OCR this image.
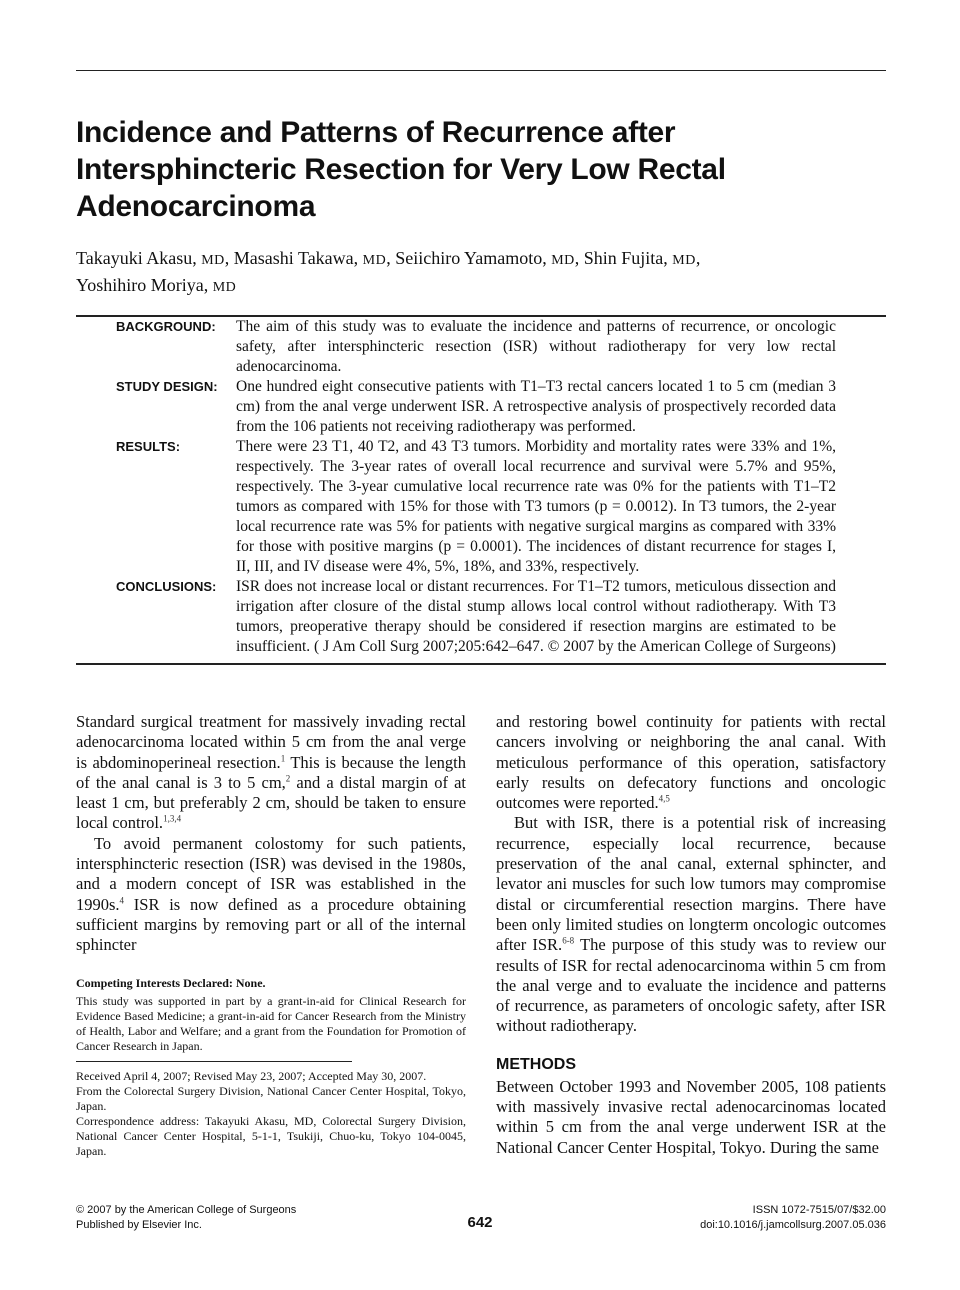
Incidence and Patterns of Recurrence after Intersphincteric Resection for Very Low Rectal Adenocarcinoma

Takayuki Akasu, MD, Masashi Takawa, MD, Seiichiro Yamamoto, MD, Shin Fujita, MD,
Yoshihiro Moriya, MD

BACKGROUND:	The aim of this study was to evaluate the incidence and patterns of recurrence, or oncologic safety, after intersphincteric resection (ISR) without radiotherapy for very low rectal adenocarcinoma.
STUDY DESIGN:	One hundred eight consecutive patients with T1–T3 rectal cancers located 1 to 5 cm (median 3 cm) from the anal verge underwent ISR. A retrospective analysis of prospectively recorded data from the 106 patients not receiving radiotherapy was performed.
RESULTS:	There were 23 T1, 40 T2, and 43 T3 tumors. Morbidity and mortality rates were 33% and 1%, respectively. The 3-year rates of overall local recurrence and survival were 5.7% and 95%, respectively. The 3-year cumulative local recurrence rate was 0% for the patients with T1–T2 tumors as compared with 15% for those with T3 tumors (p = 0.0012). In T3 tumors, the 2-year local recurrence rate was 5% for patients with negative surgical margins as compared with 33% for those with positive margins (p = 0.0001). The incidences of distant recurrence for stages I, II, III, and IV disease were 4%, 5%, 18%, and 33%, respectively.
CONCLUSIONS:	ISR does not increase local or distant recurrences. For T1–T2 tumors, meticulous dissection and irrigation after closure of the distal stump allows local control without radiotherapy. With T3 tumors, preoperative therapy should be considered if resection margins are estimated to be insufficient. ( J Am Coll Surg 2007;205:642–647. © 2007 by the American College of Surgeons)

Standard surgical treatment for massively invading rectal adenocarcinoma located within 5 cm from the anal verge is abdominoperineal resection.$^1$ This is because the length of the anal canal is 3 to 5 cm,$^2$ and a distal margin of at least 1 cm, but preferably 2 cm, should be taken to ensure local control.$^{1,3,4}$

To avoid permanent colostomy for such patients, intersphincteric resection (ISR) was devised in the 1980s, and a modern concept of ISR was established in the 1990s.$^4$ ISR is now defined as a procedure obtaining sufficient margins by removing part or all of the internal sphincter

Competing Interests Declared: None.

This study was supported in part by a grant-in-aid for Clinical Research for Evidence Based Medicine; a grant-in-aid for Cancer Research from the Ministry of Health, Labor and Welfare; and a grant from the Foundation for Promotion of Cancer Research in Japan.

Received April 4, 2007; Revised May 23, 2007; Accepted May 30, 2007.

From the Colorectal Surgery Division, National Cancer Center Hospital, Tokyo, Japan.

Correspondence address: Takayuki Akasu, MD, Colorectal Surgery Division, National Cancer Center Hospital, 5-1-1, Tsukiji, Chuo-ku, Tokyo 104-0045, Japan.

and restoring bowel continuity for patients with rectal cancers involving or neighboring the anal canal. With meticulous performance of this operation, satisfactory early results on defecatory functions and oncologic outcomes were reported.$^{4,5}$

But with ISR, there is a potential risk of increasing recurrence, especially local recurrence, because preservation of the anal canal, external sphincter, and levator ani muscles for such low tumors may compromise distal or circumferential resection margins. There have been only limited studies on longterm oncologic outcomes after ISR.$^{6-8}$ The purpose of this study was to review our results of ISR for rectal adenocarcinoma within 5 cm from the anal verge and to evaluate the incidence and patterns of recurrence, as parameters of oncologic safety, after ISR without radiotherapy.

METHODS

Between October 1993 and November 2005, 108 patients with massively invasive rectal adenocarcinomas located within 5 cm from the anal verge underwent ISR at the National Cancer Center Hospital, Tokyo. During the same

© 2007 by the American College of Surgeons
Published by Elsevier Inc.	642
ISSN 1072-7515/07/$32.00
doi:10.1016/j.jamcollsurg.2007.05.036
